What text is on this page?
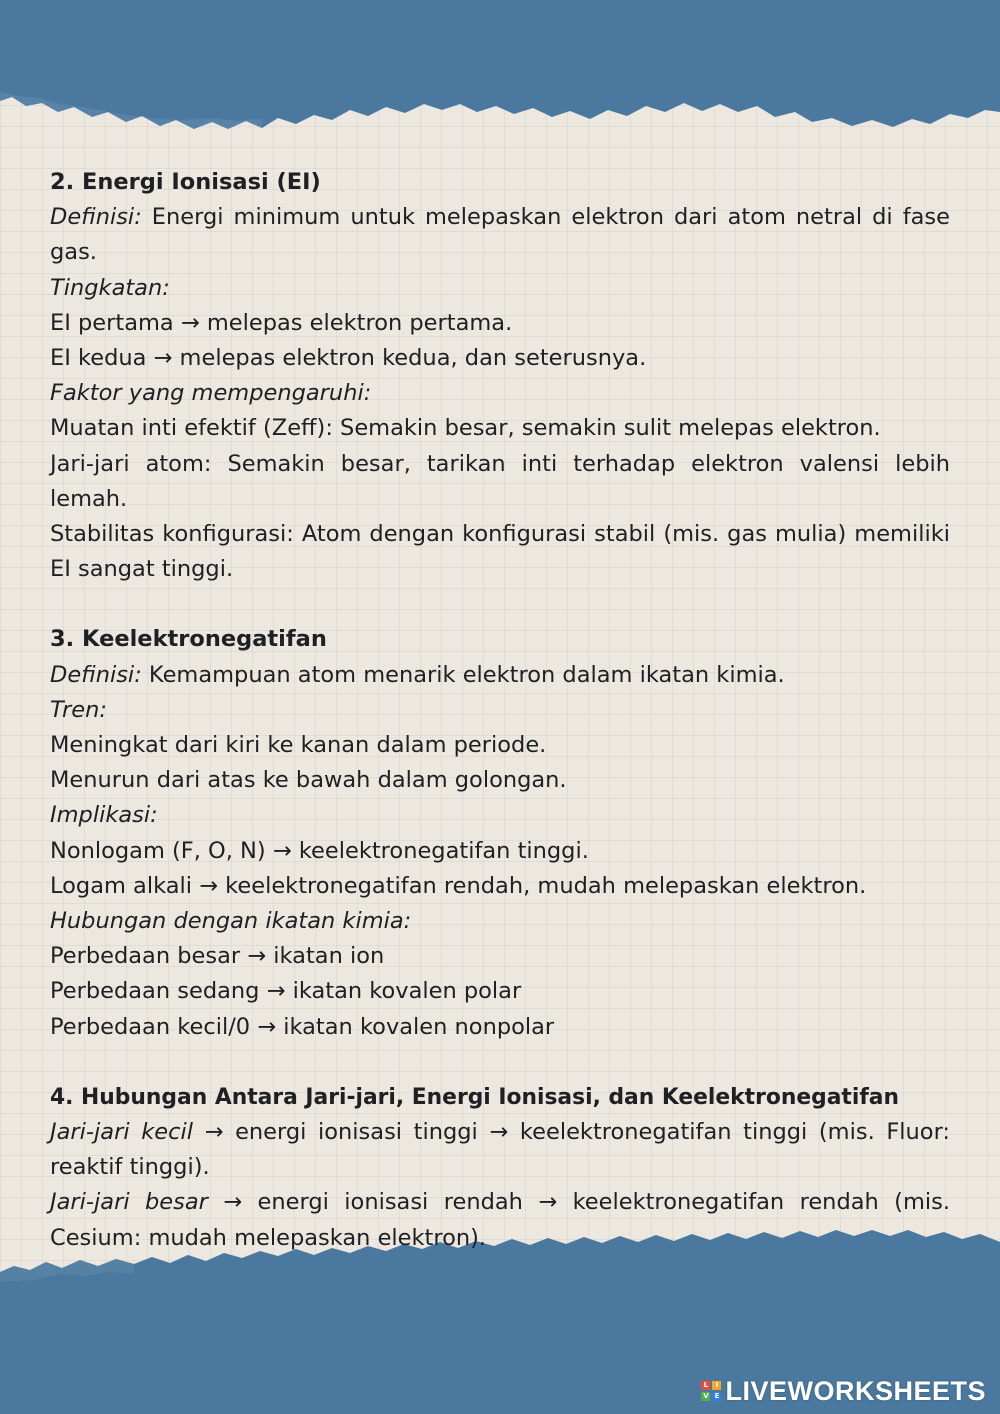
2. Energi Ionisasi (EI)
Definisi: Energi minimum untuk melepaskan elektron dari atom netral di fase gas.
Tingkatan:
EI pertama → melepas elektron pertama.
EI kedua → melepas elektron kedua, dan seterusnya.
Faktor yang mempengaruhi:
Muatan inti efektif (Zeff): Semakin besar, semakin sulit melepas elektron.
Jari-jari atom: Semakin besar, tarikan inti terhadap elektron valensi lebih lemah.
Stabilitas konfigurasi: Atom dengan konfigurasi stabil (mis. gas mulia) memiliki EI sangat tinggi.
3. Keelektronegatifan
Definisi: Kemampuan atom menarik elektron dalam ikatan kimia.
Tren:
Meningkat dari kiri ke kanan dalam periode.
Menurun dari atas ke bawah dalam golongan.
Implikasi:
Nonlogam (F, O, N) → keelektronegatifan tinggi.
Logam alkali → keelektronegatifan rendah, mudah melepaskan elektron.
Hubungan dengan ikatan kimia:
Perbedaan besar → ikatan ion
Perbedaan sedang → ikatan kovalen polar
Perbedaan kecil/0 → ikatan kovalen nonpolar
4. Hubungan Antara Jari-jari, Energi Ionisasi, dan Keelektronegatifan
Jari-jari kecil → energi ionisasi tinggi → keelektronegatifan tinggi (mis. Fluor: reaktif tinggi).
Jari-jari besar → energi ionisasi rendah → keelektronegatifan rendah (mis. Cesium: mudah melepaskan elektron).
L	I
V E LIVEWORKSHEETS
